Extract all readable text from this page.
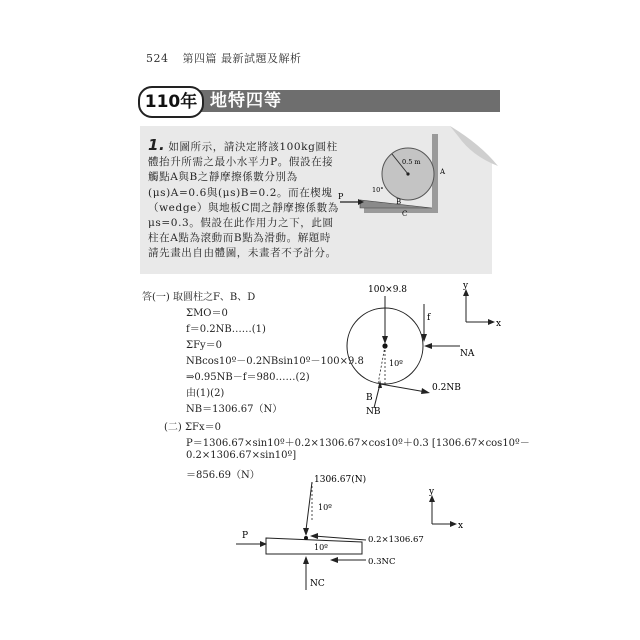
524 第四篇 最新試題及解析
110年 地特四等
1. 如圖所示，請決定將該100kg圓柱體抬升所需之最小水平力P。假設在接觸點A與B之靜摩擦係數分別為(μs)A=0.6與(μs)B=0.2。而在楔塊（wedge）與地板C間之靜摩擦係數為μs=0.3。假設在此作用力之下，此圓柱在A點為滾動而B點為滑動。解題時請先畫出自由體圖，未畫者不予計分。
P
10°
0.5 m
A
B
C
答(一) 取圓柱之F、B、D
ΣMO＝0
f＝0.2NB……(1)
ΣFy＝0
NBcos10º－0.2NBsin10º－100×9.8
⇒0.95NB－f＝980……(2)
由(1)(2)
NB＝1306.67（N）
(二) ΣFx＝0
P＝1306.67×sin10º＋0.2×1306.67×cos10º＋0.3 [1306.67×cos10º－
0.2×1306.67×sin10º]
＝856.69（N）
100×9.8
f
NA
10º
0.2NB
B
NB
y
x
1306.67(N)
10º
10º
P	0.2×1306.67
0.3NC
NC
y
x
